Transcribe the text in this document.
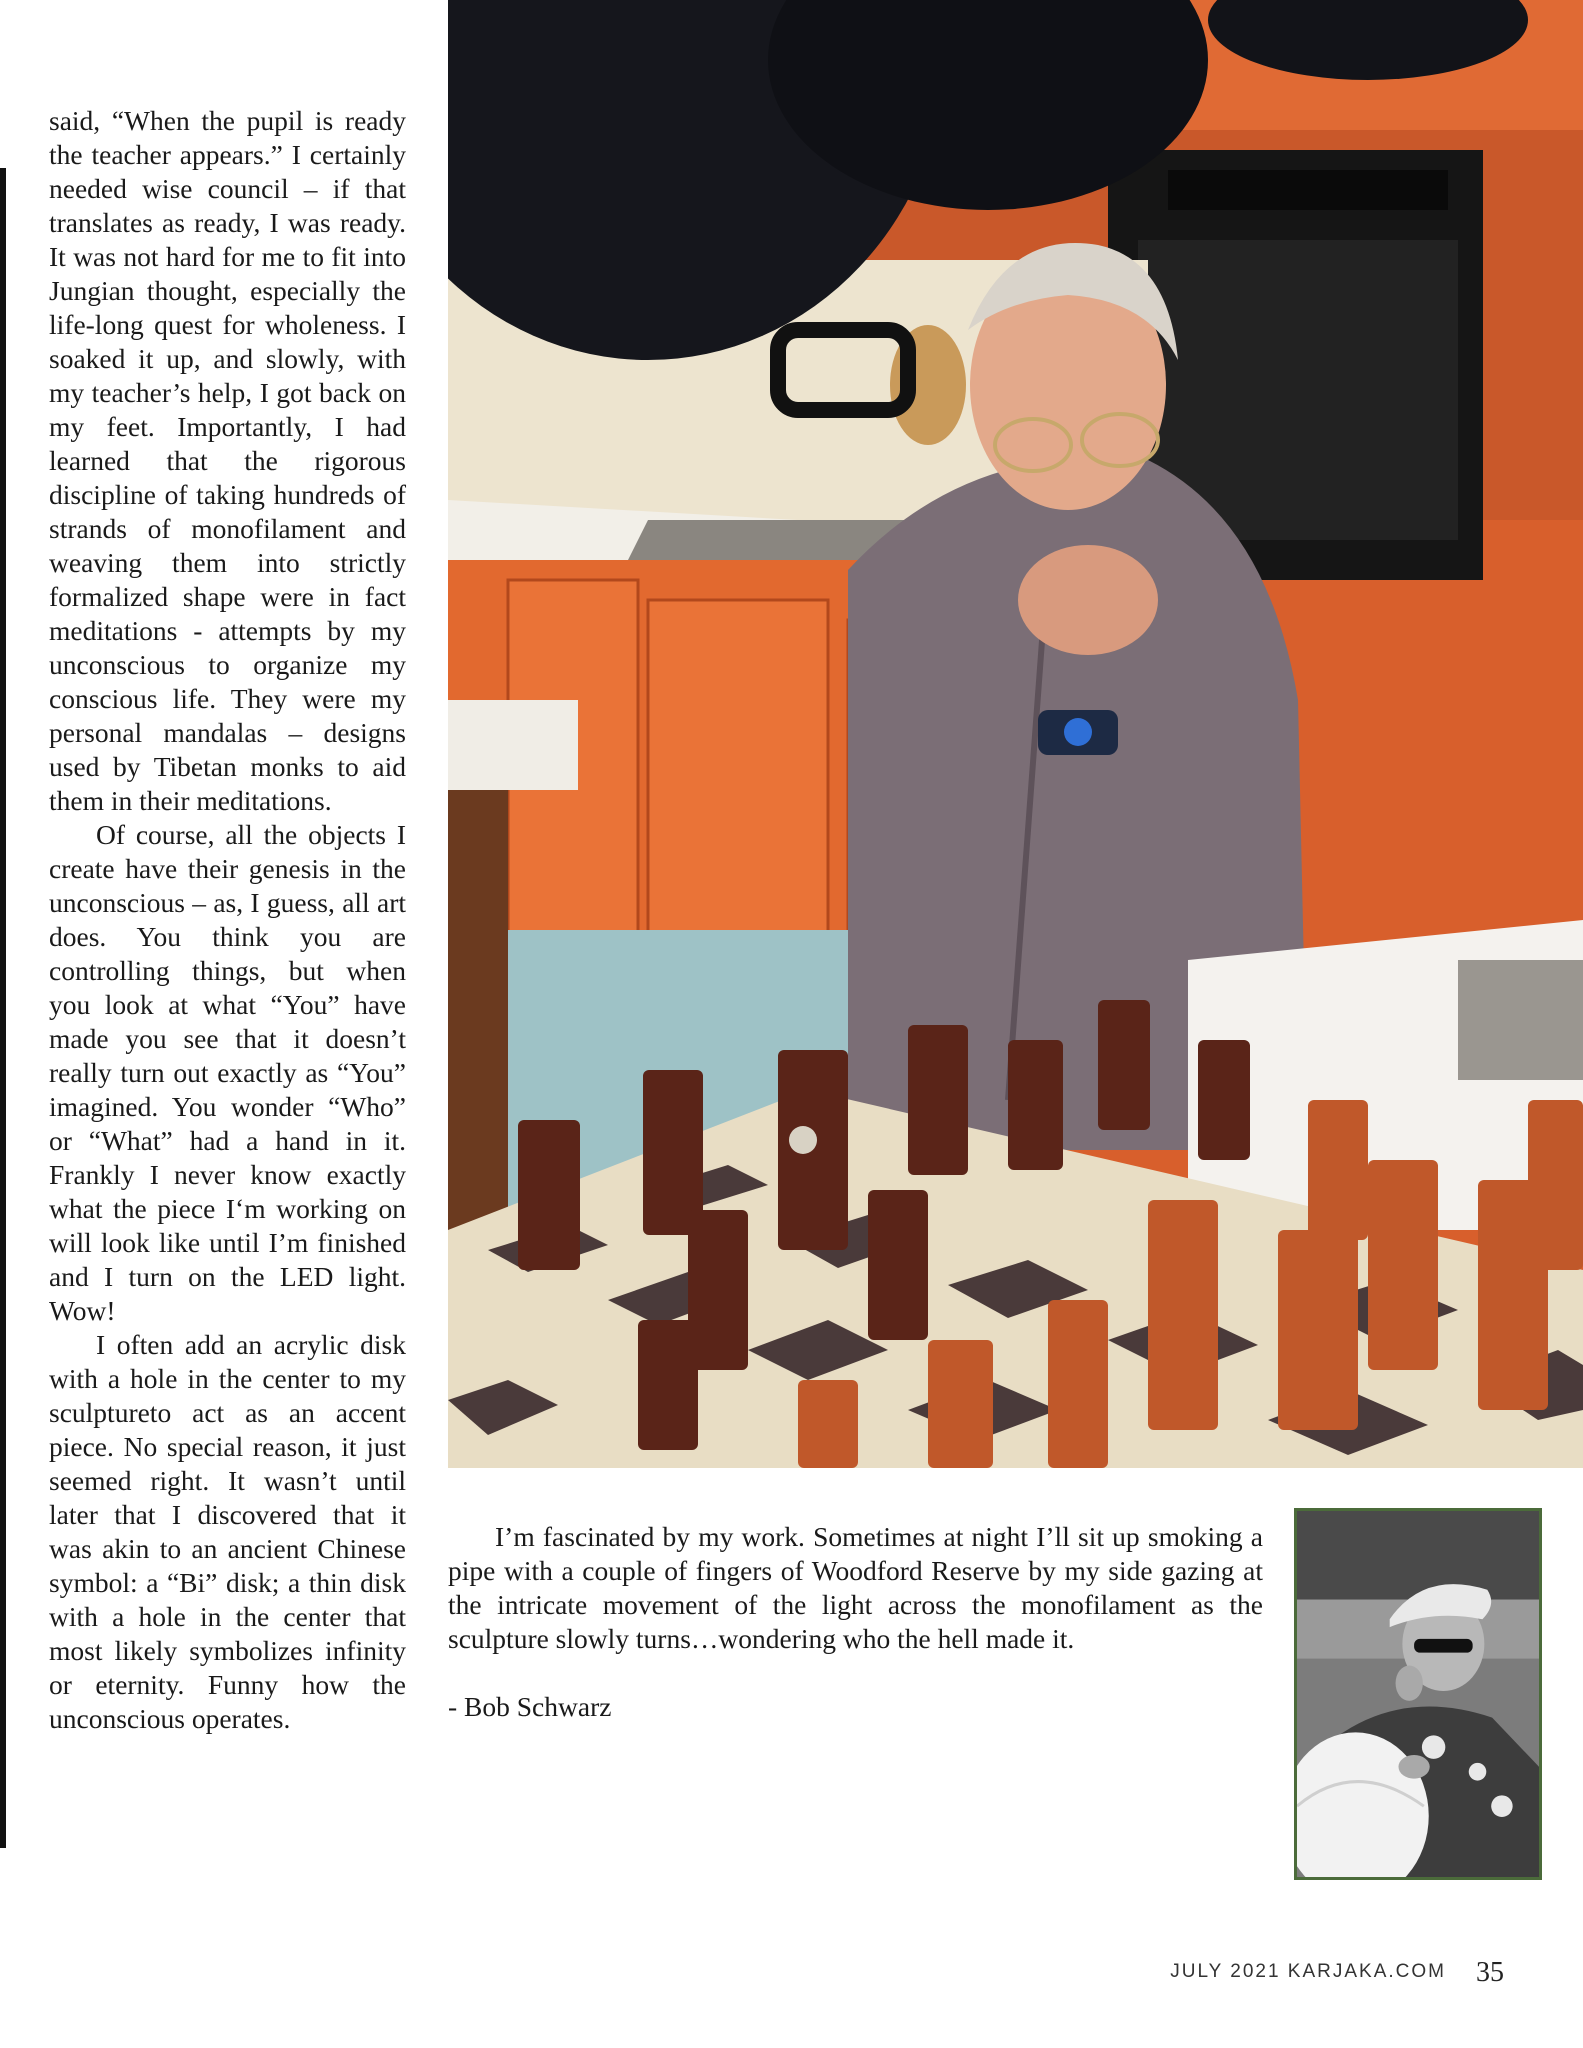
said, “When the pupil is ready the teacher appears.” I certainly needed wise council – if that translates as ready, I was ready. It was not hard for me to fit into Jungian thought, especially the life-long quest for wholeness. I soaked it up, and slowly, with my teacher’s help, I got back on my feet. Importantly, I had learned that the rigorous discipline of taking hundreds of strands of monofilament and weaving them into strictly formalized shape were in fact meditations - attempts by my unconscious to organize my conscious life. They were my personal mandalas – designs used by Tibetan monks to aid them in their meditations.

Of course, all the objects I create have their genesis in the unconscious – as, I guess, all art does. You think you are controlling things, but when you look at what “You” have made you see that it doesn’t really turn out exactly as “You” imagined. You wonder “Who” or “What” had a hand in it. Frankly I never know exactly what the piece I‘m working on will look like until I’m finished and I turn on the LED light. Wow!

I often add an acrylic disk with a hole in the center to my sculptureto act as an accent piece. No special reason, it just seemed right. It wasn’t until later that I discovered that it was akin to an ancient Chinese symbol: a “Bi” disk; a thin disk with a hole in the center that most likely symbolizes infinity or eternity. Funny how the unconscious operates.

I’m fascinated by my work. Sometimes at night I’ll sit up smoking a pipe with a couple of fingers of Woodford Reserve by my side gazing at the intricate movement of the light across the monofilament as the sculpture slowly turns…wondering who the hell made it.

- Bob Schwarz

JULY 2021 KARJAKA.COM 35
